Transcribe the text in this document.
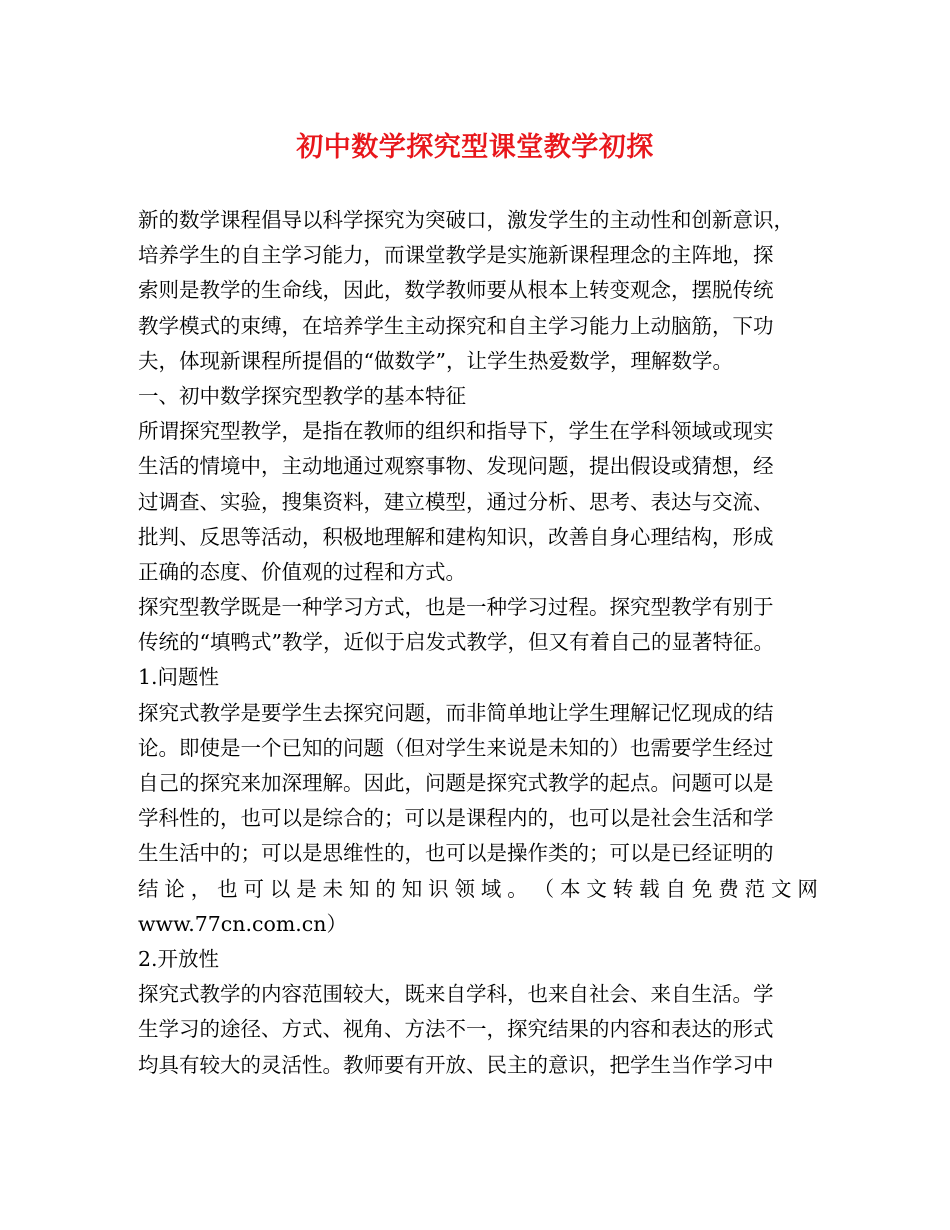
初中数学探究型课堂教学初探
新的数学课程倡导以科学探究为突破口，激发学生的主动性和创新意识，
培养学生的自主学习能力，而课堂教学是实施新课程理念的主阵地，探
索则是教学的生命线，因此，数学教师要从根本上转变观念，摆脱传统
教学模式的束缚，在培养学生主动探究和自主学习能力上动脑筋，下功
夫，体现新课程所提倡的“做数学”，让学生热爱数学，理解数学。
一、初中数学探究型教学的基本特征
所谓探究型教学，是指在教师的组织和指导下，学生在学科领域或现实
生活的情境中，主动地通过观察事物、发现问题，提出假设或猜想，经
过调查、实验，搜集资料，建立模型，通过分析、思考、表达与交流、
批判、反思等活动，积极地理解和建构知识，改善自身心理结构，形成
正确的态度、价值观的过程和方式。
探究型教学既是一种学习方式，也是一种学习过程。探究型教学有别于
传统的“填鸭式”教学，近似于启发式教学，但又有着自己的显著特征。
1.问题性
探究式教学是要学生去探究问题，而非简单地让学生理解记忆现成的结
论。即使是一个已知的问题（但对学生来说是未知的）也需要学生经过
自己的探究来加深理解。因此，问题是探究式教学的起点。问题可以是
学科性的，也可以是综合的；可以是课程内的，也可以是社会生活和学
生生活中的；可以是思维性的，也可以是操作类的；可以是已经证明的
结 论 ， 也 可 以 是 未 知 的 知 识 领 域 。 （ 本 文 转 载 自 免 费 范 文 网
www.77cn.com.cn）
2.开放性
探究式教学的内容范围较大，既来自学科，也来自社会、来自生活。学
生学习的途径、方式、视角、方法不一，探究结果的内容和表达的形式
均具有较大的灵活性。教师要有开放、民主的意识，把学生当作学习中
